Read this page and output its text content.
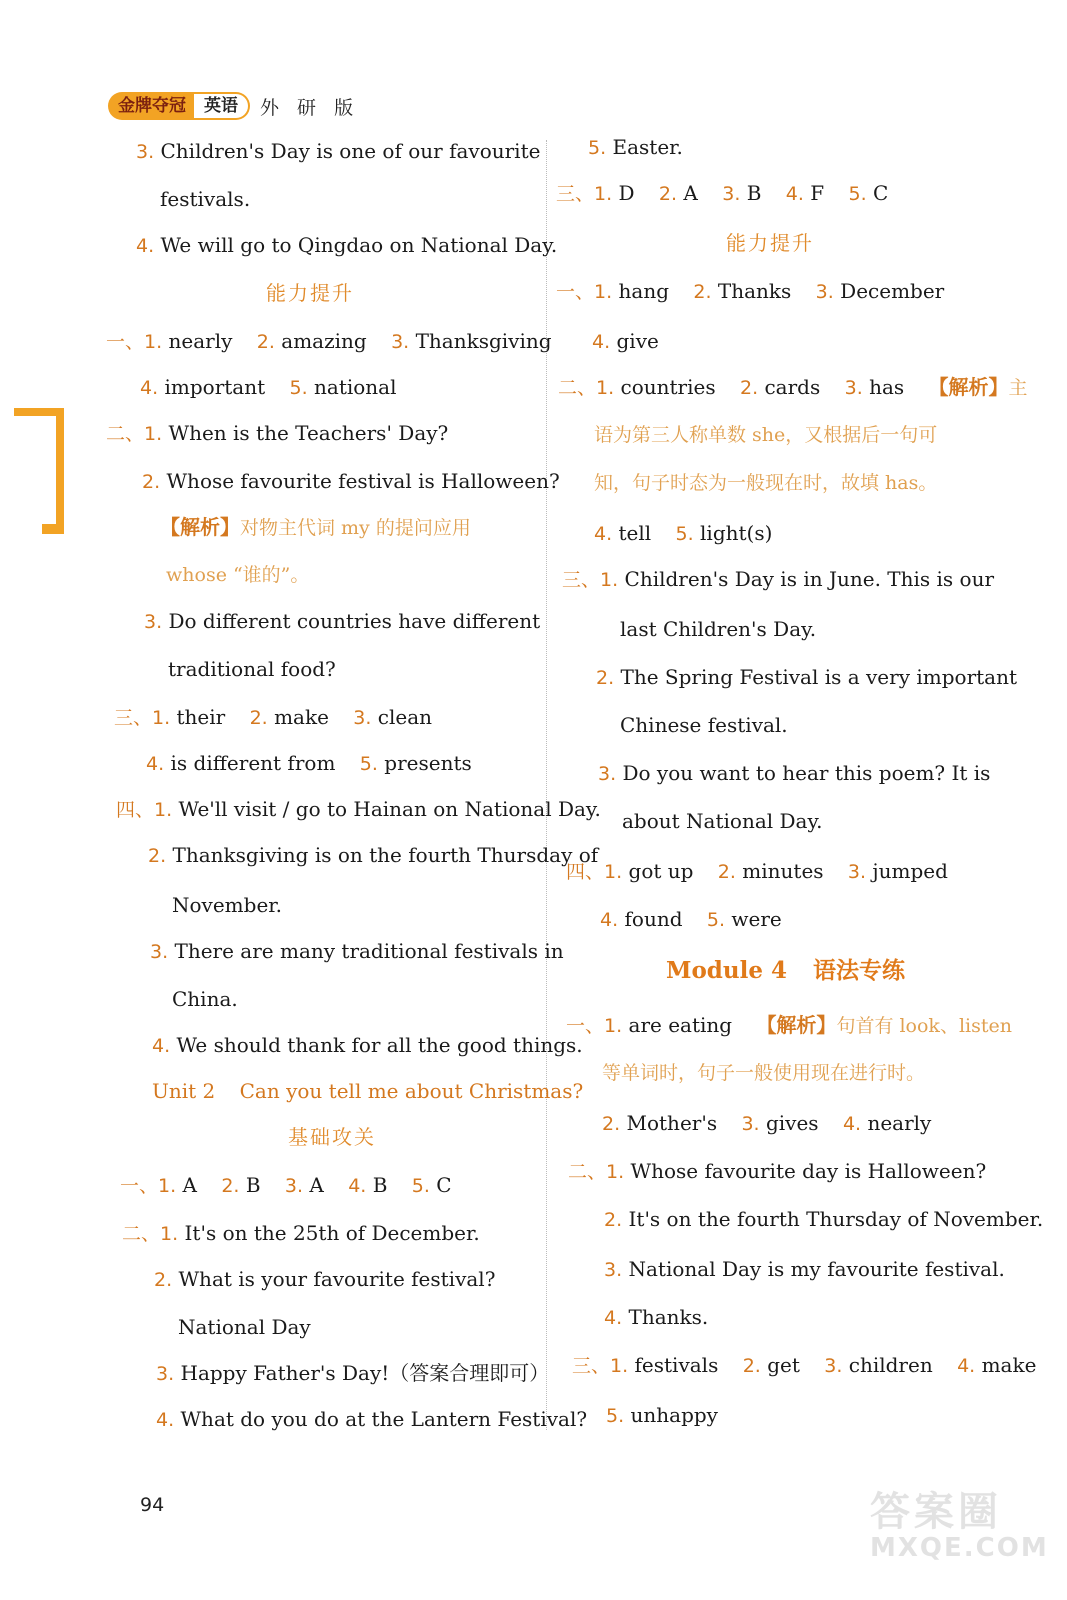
金牌夺冠	英语	外 研 版
3. Children's Day is one of our favourite
festivals.
4. We will go to Qingdao on National Day.
能力提升
一、1. nearly 2. amazing 3. Thanksgiving
4. important 5. national
二、1. When is the Teachers' Day?
2. Whose favourite festival is Halloween?
【解析】对物主代词 my 的提问应用
whose “谁的”。
3. Do different countries have different
traditional food?
三、1. their 2. make 3. clean
4. is different from 5. presents
四、1. We'll visit / go to Hainan on National Day.
2. Thanksgiving is on the fourth Thursday of
November.
3. There are many traditional festivals in
China.
4. We should thank for all the good things.
Unit 2 Can you tell me about Christmas?
基础攻关
一、1. A 2. B 3. A 4. B 5. C
二、1. It's on the 25th of December.
2. What is your favourite festival?
National Day
3. Happy Father's Day!（答案合理即可）
4. What do you do at the Lantern Festival?
5. Easter.
三、1. D 2. A 3. B 4. F 5. C
能力提升
一、1. hang 2. Thanks 3. December
4. give
二、1. countries 2. cards 3. has 【解析】主
语为第三人称单数 she，又根据后一句可
知，句子时态为一般现在时，故填 has。
4. tell 5. light(s)
三、1. Children's Day is in June. This is our
last Children's Day.
2. The Spring Festival is a very important
Chinese festival.
3. Do you want to hear this poem? It is
about National Day.
四、1. got up 2. minutes 3. jumped
4. found 5. were
Module 4 语法专练
一、1. are eating 【解析】句首有 look、listen
等单词时，句子一般使用现在进行时。
2. Mother's 3. gives 4. nearly
二、1. Whose favourite day is Halloween?
2. It's on the fourth Thursday of November.
3. National Day is my favourite festival.
4. Thanks.
三、1. festivals 2. get 3. children 4. make
5. unhappy
94	答案圈
MXQE.COM
